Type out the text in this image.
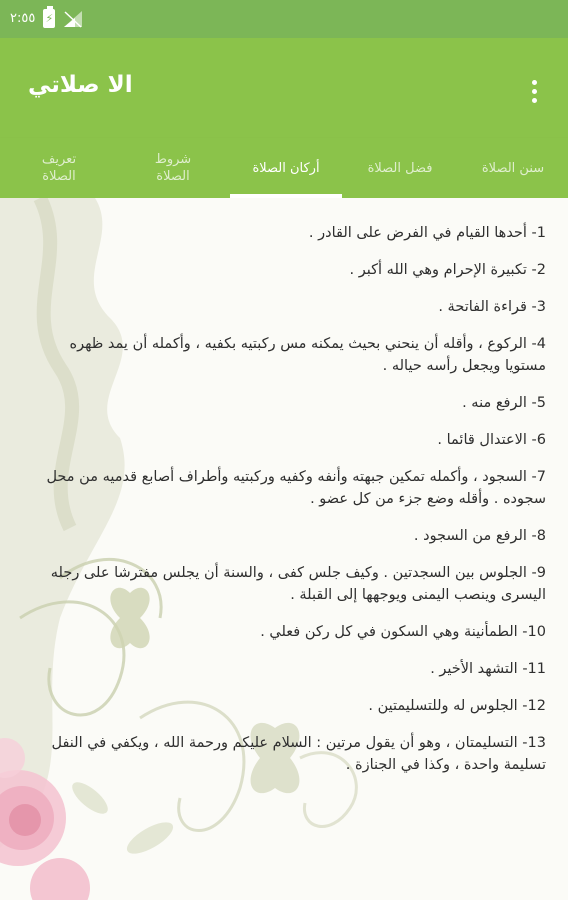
٢:٥٥ ⚡
الا صلاتي
سنن الصلاة
فضل الصلاة
أركان الصلاة
شروط الصلاة
تعريف الصلاة
1- أحدها القيام في الفرض على القادر .
2- تكبيرة الإحرام وهي الله أكبر .
3- قراءة الفاتحة .
4- الركوع ، وأقله أن ينحني بحيث يمكنه مس ركبتيه بكفيه ، وأكمله أن يمد ظهره مستويا ويجعل رأسه حياله .
5- الرفع منه .
6- الاعتدال قائما .
7- السجود ، وأكمله تمكين جبهته وأنفه وكفيه وركبتيه وأطراف أصابع قدميه من محل سجوده . وأقله وضع جزء من كل عضو .
8- الرفع من السجود .
9- الجلوس بين السجدتين . وكيف جلس كفى ، والسنة أن يجلس مفترشا على رجله اليسرى وينصب اليمنى ويوجهها إلى القبلة .
10- الطمأنينة وهي السكون في كل ركن فعلي .
11- التشهد الأخير .
12- الجلوس له وللتسليمتين .
13- التسليمتان ، وهو أن يقول مرتين : السلام عليكم ورحمة الله ، ويكفي في النفل تسليمة واحدة ، وكذا في الجنازة .
